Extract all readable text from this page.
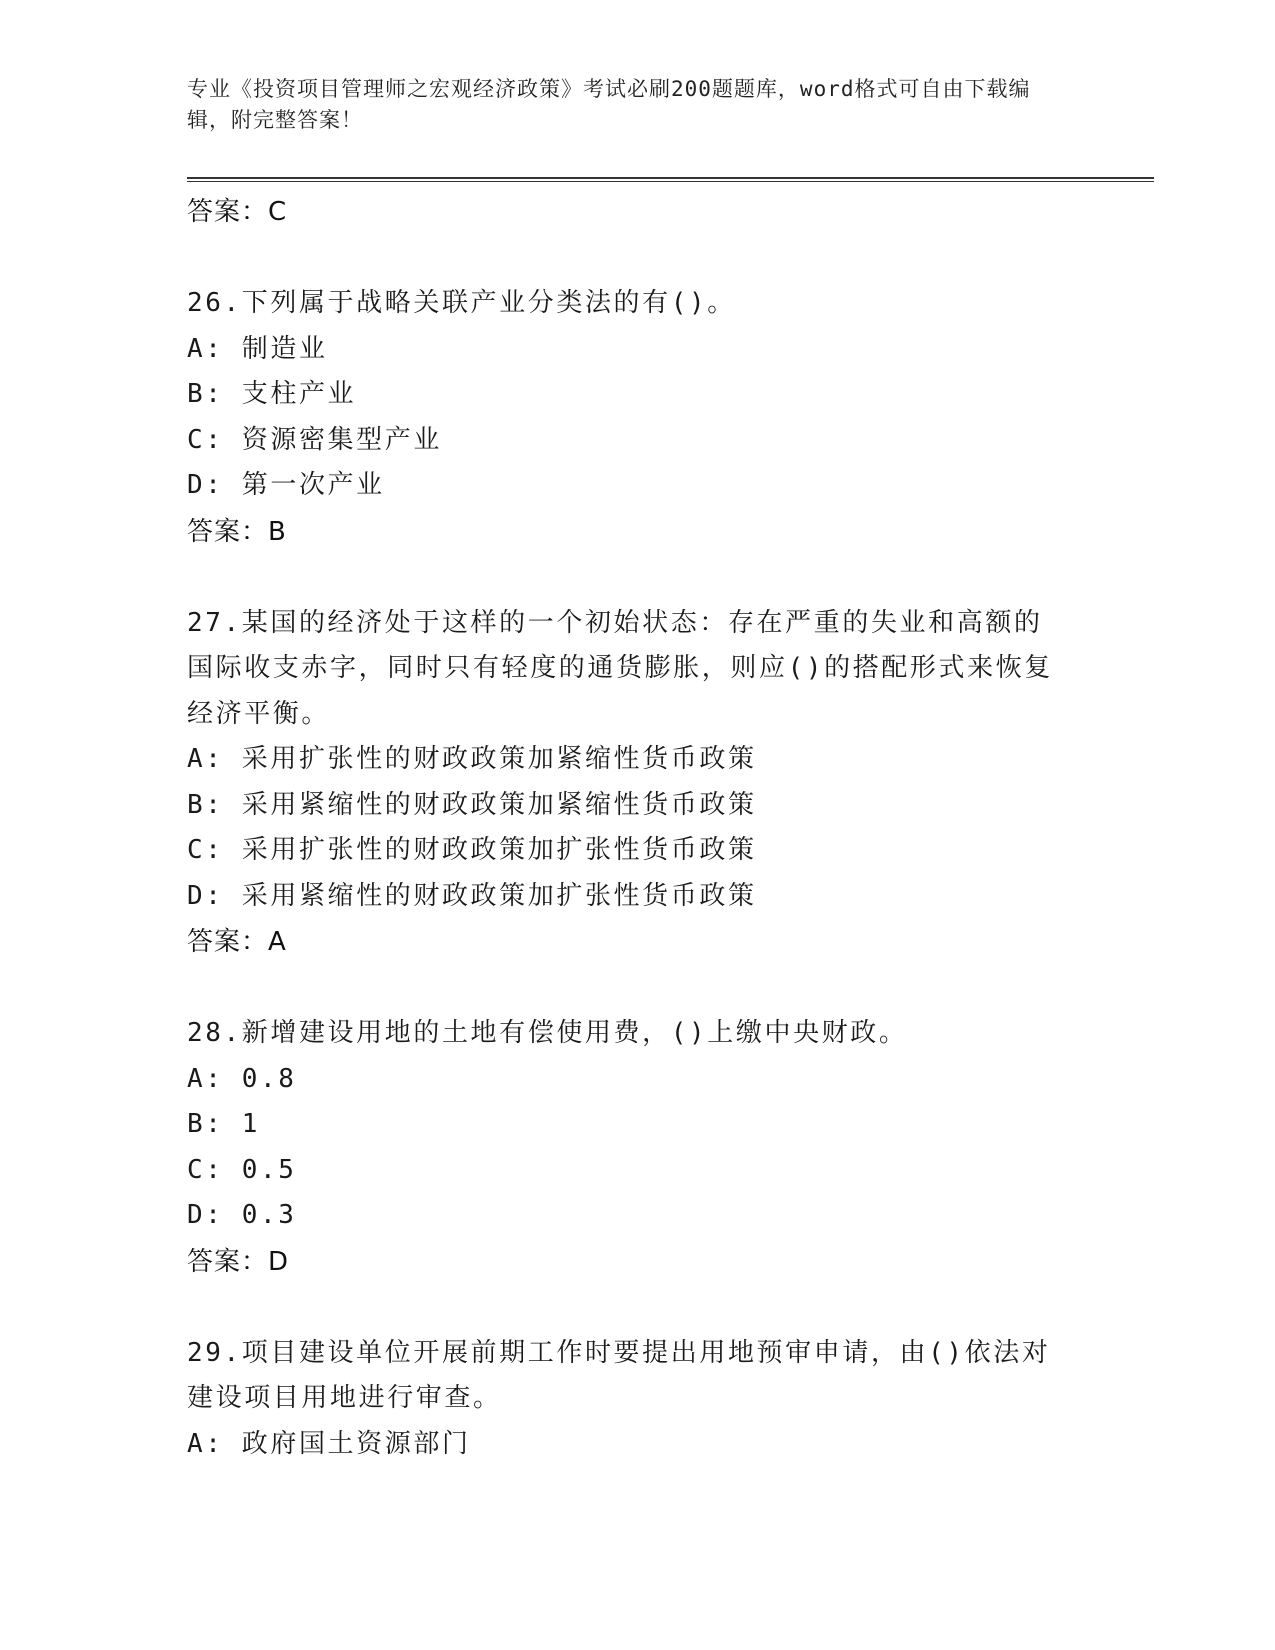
专业《投资项目管理师之宏观经济政策》考试必刷200题题库，word格式可自由下载编辑，附完整答案！
答案：C
26.下列属于战略关联产业分类法的有()。
A: 制造业
B: 支柱产业
C: 资源密集型产业
D: 第一次产业
答案：B
27.某国的经济处于这样的一个初始状态：存在严重的失业和高额的国际收支赤字，同时只有轻度的通货膨胀，则应()的搭配形式来恢复经济平衡。
A: 采用扩张性的财政政策加紧缩性货币政策
B: 采用紧缩性的财政政策加紧缩性货币政策
C: 采用扩张性的财政政策加扩张性货币政策
D: 采用紧缩性的财政政策加扩张性货币政策
答案：A
28.新增建设用地的土地有偿使用费，()上缴中央财政。
A: 0.8
B: 1
C: 0.5
D: 0.3
答案：D
29.项目建设单位开展前期工作时要提出用地预审申请，由()依法对建设项目用地进行审查。
A: 政府国土资源部门
